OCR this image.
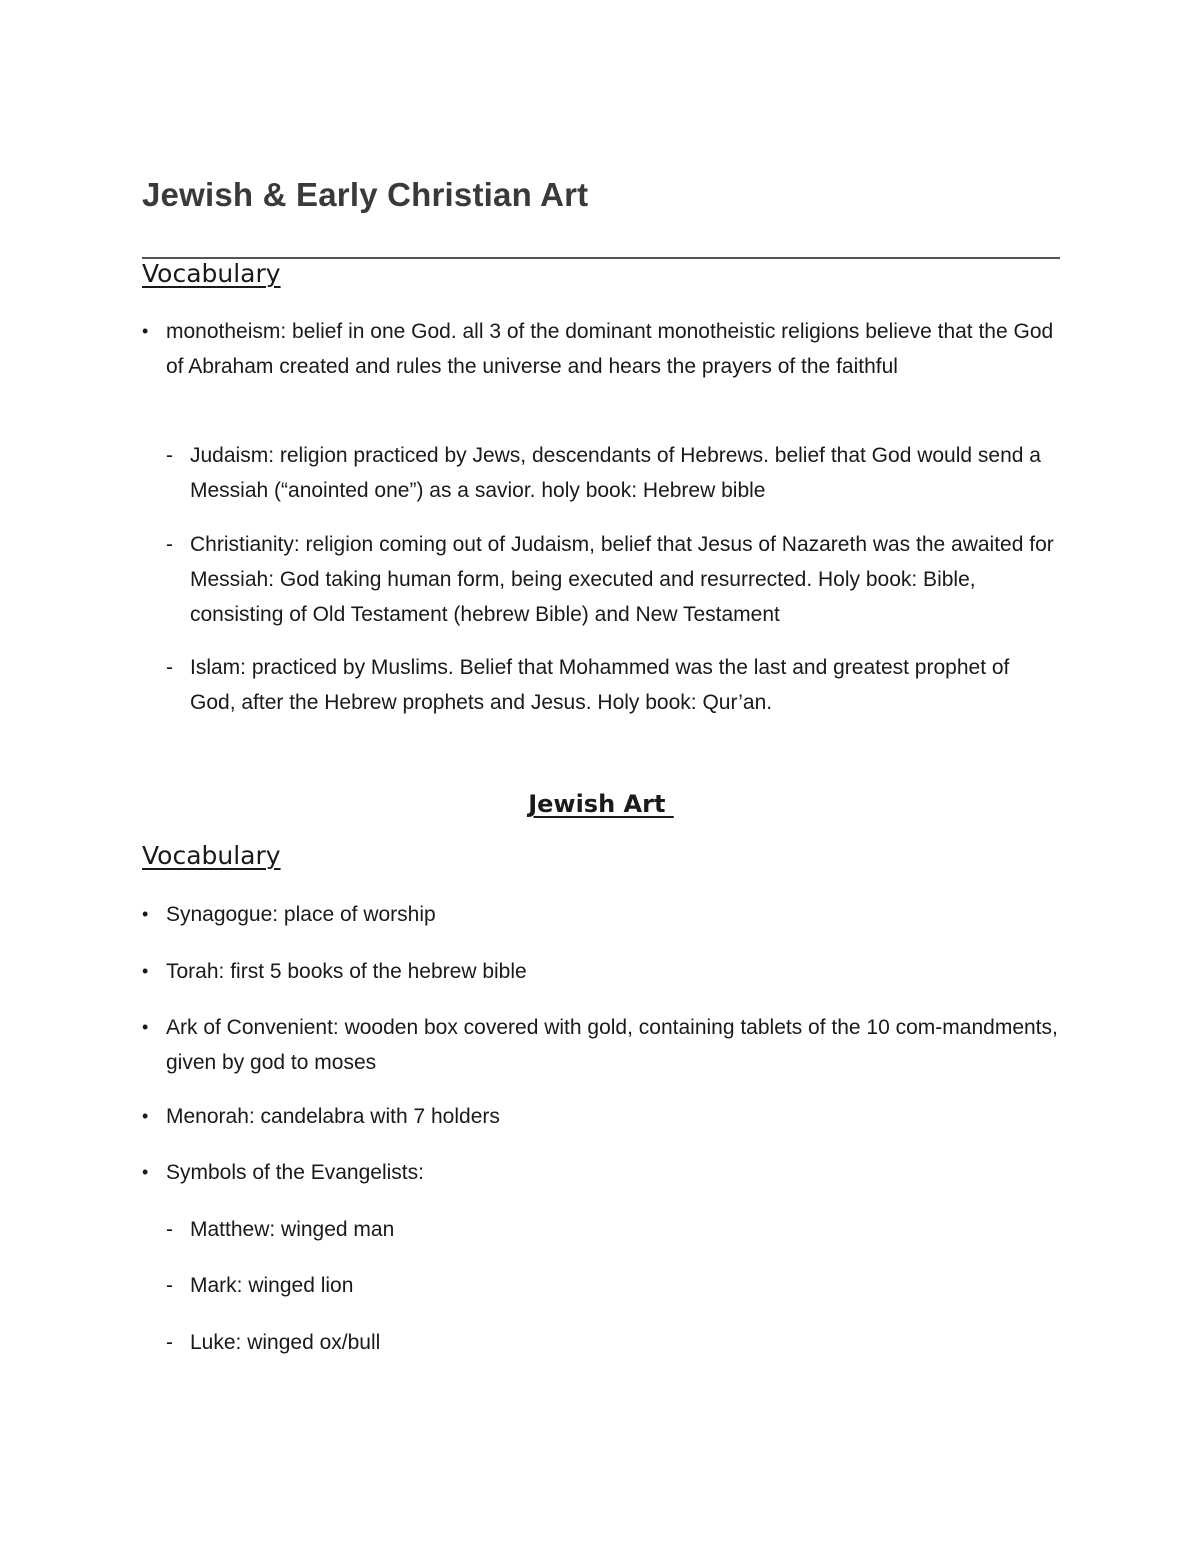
Jewish & Early Christian Art
Vocabulary
• monotheism: belief in one God. all 3 of the dominant monotheistic religions believe that the God of Abraham created and rules the universe and hears the prayers of the faithful
- Judaism: religion practiced by Jews, descendants of Hebrews. belief that God would send a Messiah (“anointed one”) as a savior. holy book: Hebrew bible
- Christianity: religion coming out of Judaism, belief that Jesus of Nazareth was the awaited for Messiah: God taking human form, being executed and resurrected. Holy book: Bible, consisting of Old Testament (hebrew Bible) and New Testament
- Islam: practiced by Muslims. Belief that Mohammed was the last and greatest prophet of God, after the Hebrew prophets and Jesus. Holy book: Qur’an.
Jewish Art
Vocabulary
• Synagogue: place of worship
• Torah: first 5 books of the hebrew bible
• Ark of Convenient: wooden box covered with gold, containing tablets of the 10 com-mandments, given by god to moses
• Menorah: candelabra with 7 holders
• Symbols of the Evangelists:
- Matthew: winged man
- Mark: winged lion
- Luke: winged ox/bull
